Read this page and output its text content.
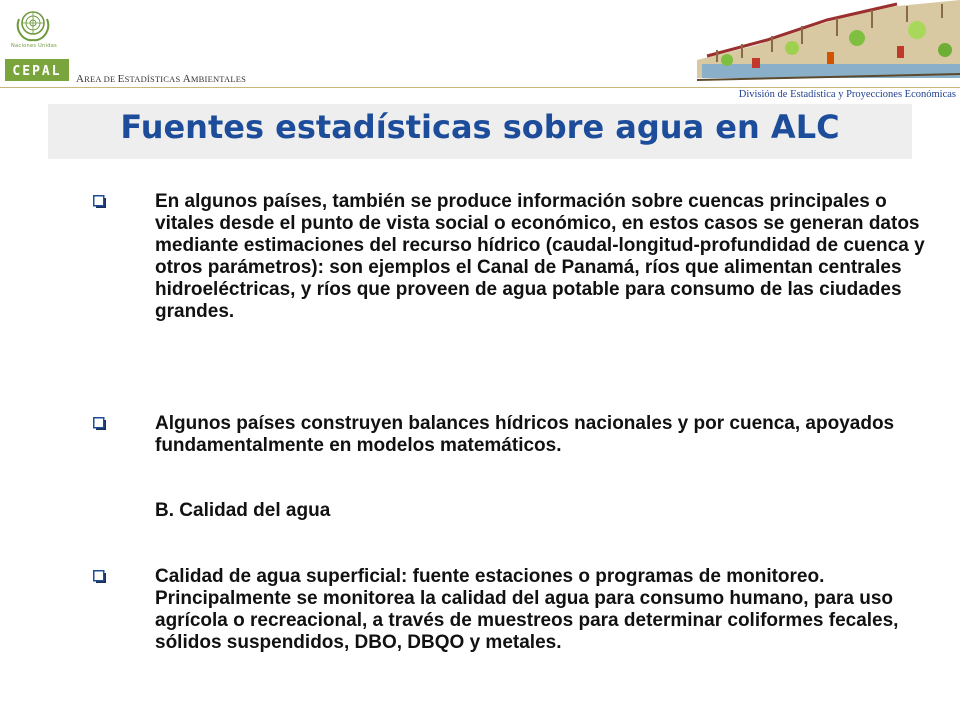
Naciones Unidas
CEPAL AREA DE ESTADÍSTICAS AMBIENTALES
División de Estadística y Proyecciones Económicas
Fuentes estadísticas sobre agua en ALC

En algunos países, también se produce información sobre cuencas principales o vitales desde el punto de vista social o económico, en estos casos se generan datos mediante estimaciones del recurso hídrico (caudal-longitud-profundidad de cuenca y otros parámetros): son ejemplos el Canal de Panamá, ríos que alimentan centrales hidroeléctricas, y ríos que proveen de agua potable para consumo de las ciudades grandes.

Algunos países construyen balances hídricos nacionales y por cuenca, apoyados fundamentalmente en modelos matemáticos.

B. Calidad del agua

Calidad de agua superficial: fuente estaciones o programas de monitoreo. Principalmente se monitorea la calidad del agua para consumo humano, para uso agrícola o recreacional, a través de muestreos para determinar coliformes fecales, sólidos suspendidos, DBO, DBQO y metales.
